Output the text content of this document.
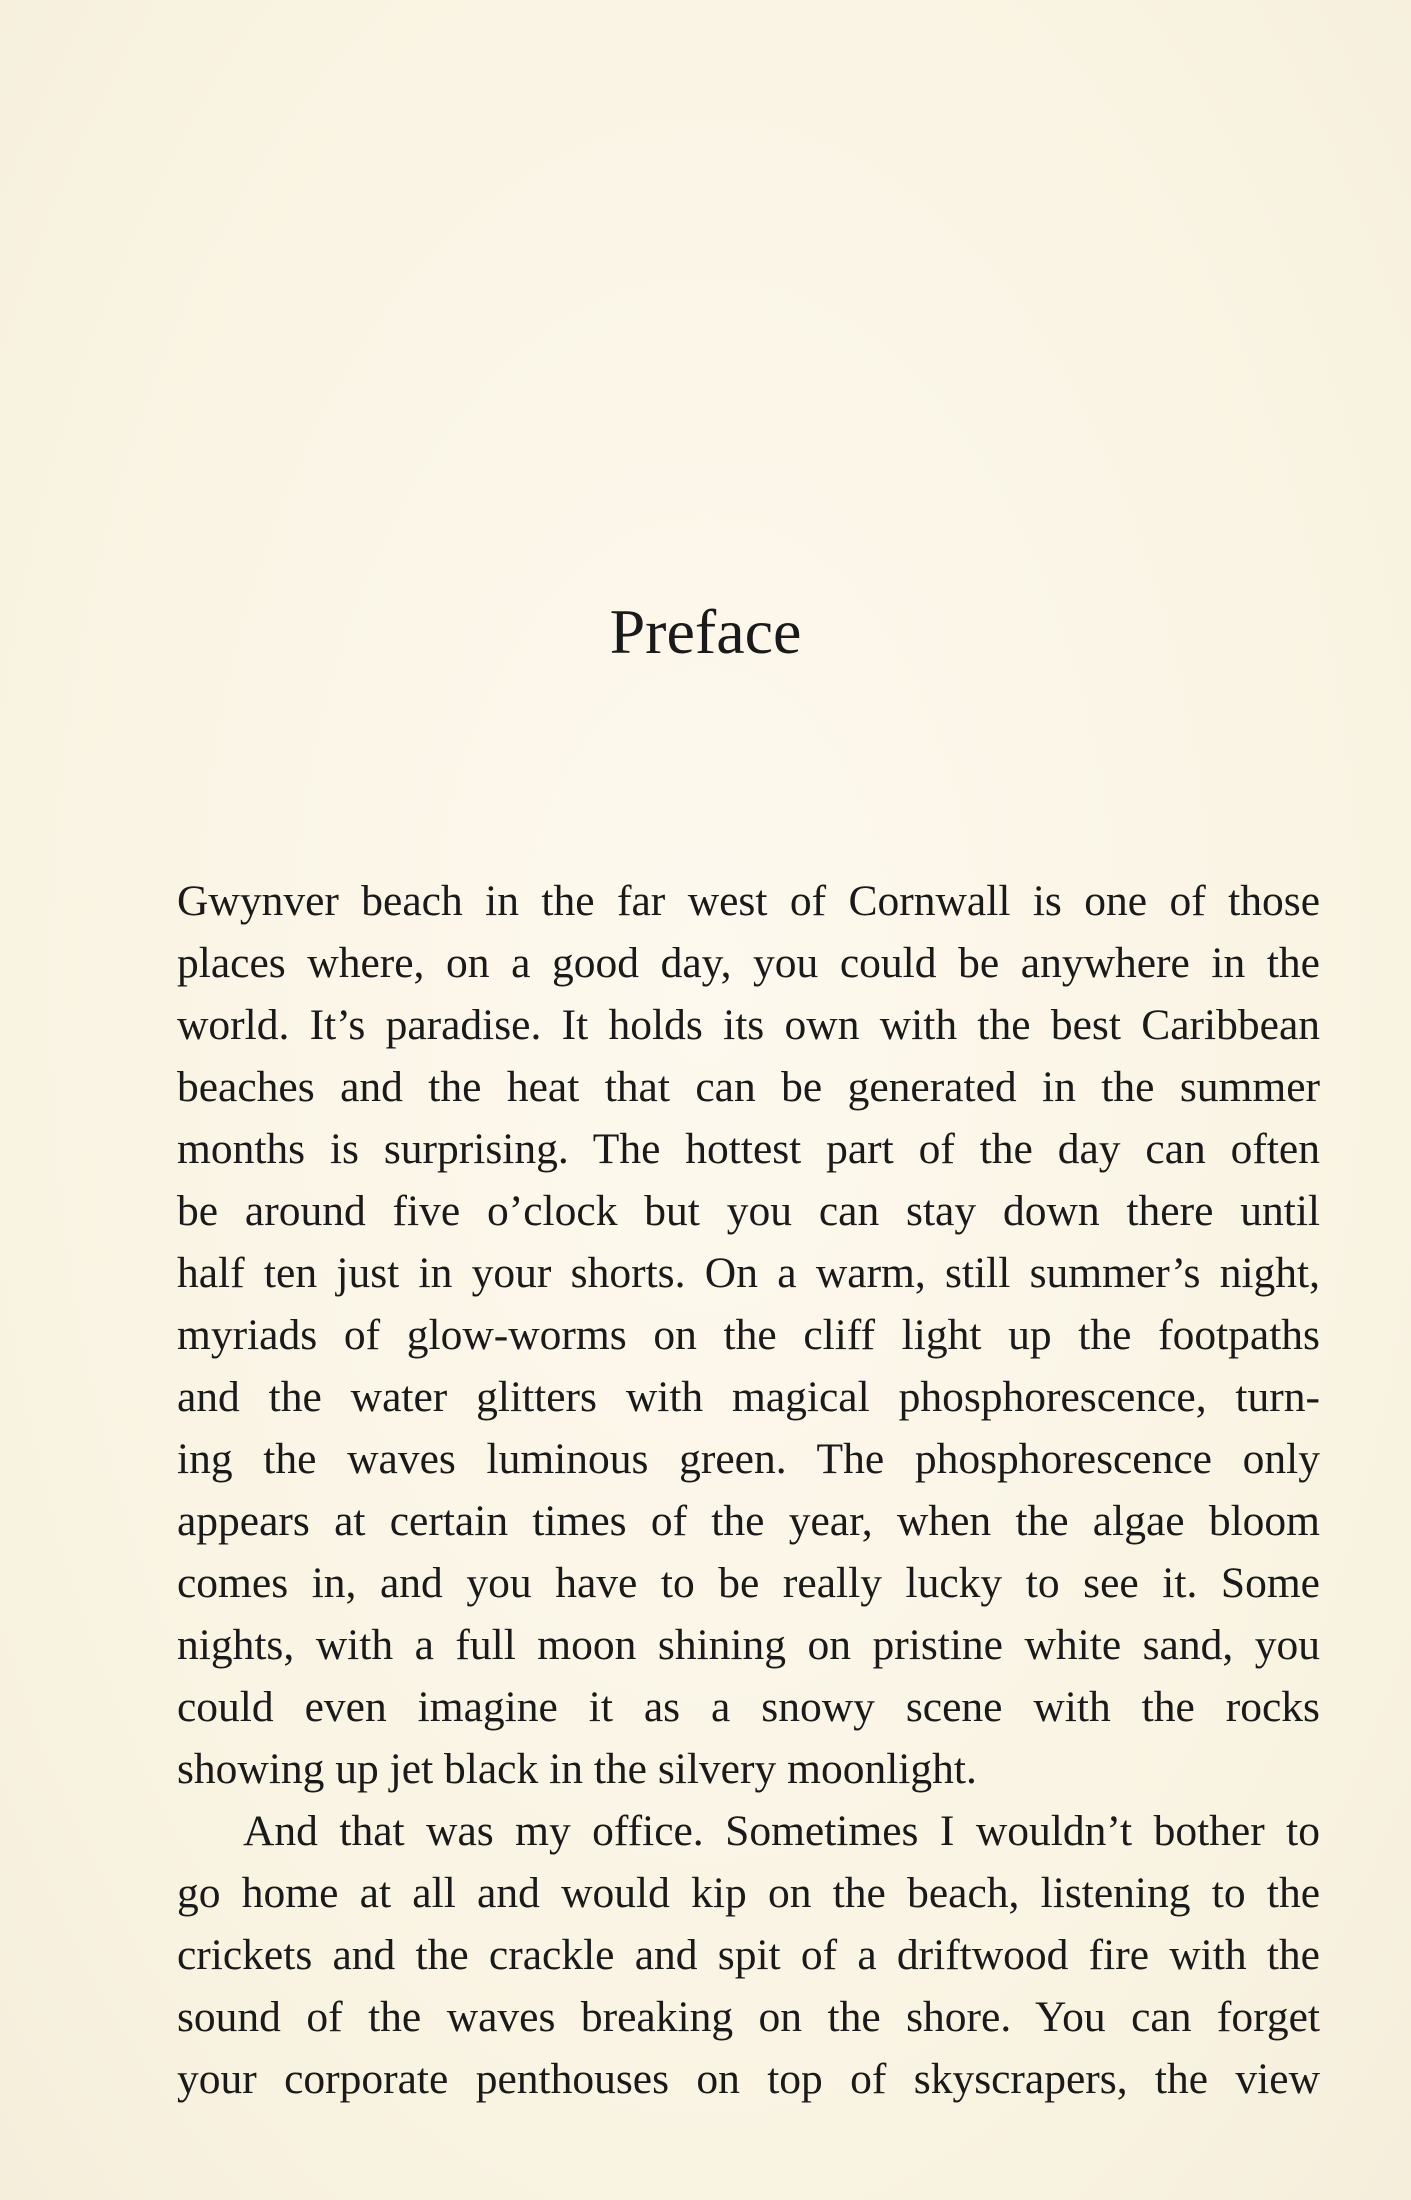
Preface

Gwynver beach in the far west of Cornwall is one of those
places where, on a good day, you could be anywhere in the
world. It’s paradise. It holds its own with the best Caribbean
beaches and the heat that can be generated in the summer
months is surprising. The hottest part of the day can often
be around five o’clock but you can stay down there until
half ten just in your shorts. On a warm, still summer’s night,
myriads of glow-worms on the cliff light up the footpaths
and the water glitters with magical phosphorescence, turn-
ing the waves luminous green. The phosphorescence only
appears at certain times of the year, when the algae bloom
comes in, and you have to be really lucky to see it. Some
nights, with a full moon shining on pristine white sand, you
could even imagine it as a snowy scene with the rocks
showing up jet black in the silvery moonlight.

And that was my office. Sometimes I wouldn’t bother to
go home at all and would kip on the beach, listening to the
crickets and the crackle and spit of a driftwood fire with the
sound of the waves breaking on the shore. You can forget
your corporate penthouses on top of skyscrapers, the view
